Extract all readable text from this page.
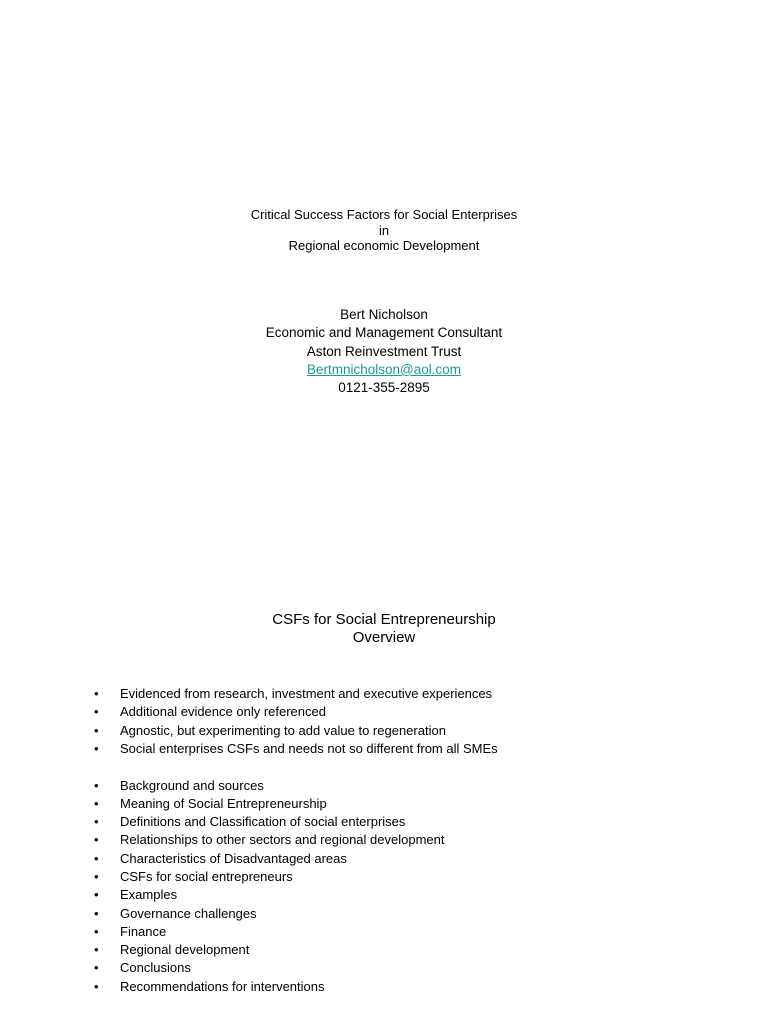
Critical Success Factors for Social Enterprises
in
Regional economic Development
Bert Nicholson
Economic and Management Consultant
Aston Reinvestment Trust
Bertmnicholson@aol.com
0121-355-2895
CSFs for Social Entrepreneurship
Overview
• Evidenced from research, investment and executive experiences
• Additional evidence only referenced
• Agnostic, but experimenting to add value to regeneration
• Social enterprises CSFs and needs not so different from all SMEs
• Background and sources
• Meaning of Social Entrepreneurship
• Definitions and Classification of social enterprises
• Relationships to other sectors and regional development
• Characteristics of Disadvantaged areas
• CSFs for social entrepreneurs
• Examples
• Governance challenges
• Finance
• Regional development
• Conclusions
• Recommendations for interventions
